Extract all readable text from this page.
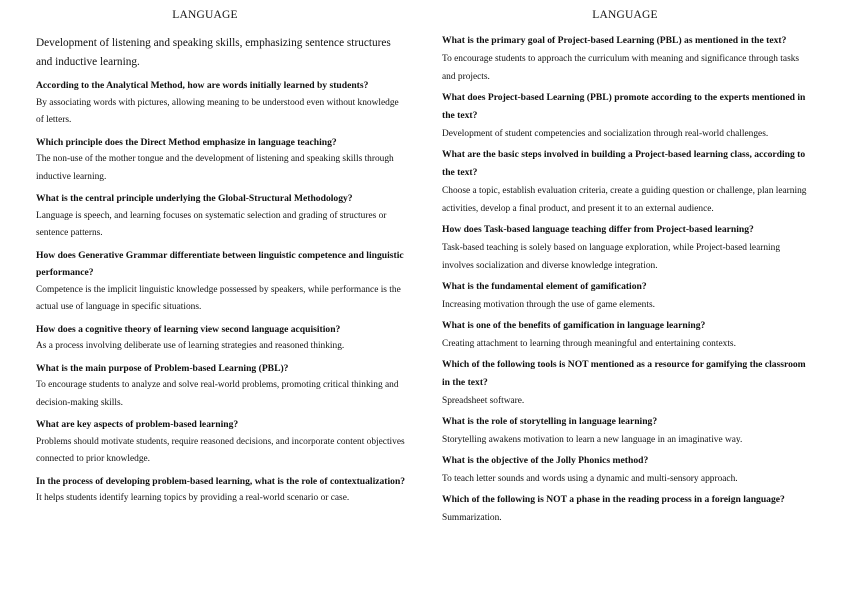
LANGUAGE
Development of listening and speaking skills, emphasizing sentence structures and inductive learning.
According to the Analytical Method, how are words initially learned by students?
By associating words with pictures, allowing meaning to be understood even without knowledge of letters.
Which principle does the Direct Method emphasize in language teaching?
The non-use of the mother tongue and the development of listening and speaking skills through inductive learning.
What is the central principle underlying the Global-Structural Methodology?
Language is speech, and learning focuses on systematic selection and grading of structures or sentence patterns.
How does Generative Grammar differentiate between linguistic competence and linguistic performance?
Competence is the implicit linguistic knowledge possessed by speakers, while performance is the actual use of language in specific situations.
How does a cognitive theory of learning view second language acquisition?
As a process involving deliberate use of learning strategies and reasoned thinking.
What is the main purpose of Problem-based Learning (PBL)?
To encourage students to analyze and solve real-world problems, promoting critical thinking and decision-making skills.
What are key aspects of problem-based learning?
Problems should motivate students, require reasoned decisions, and incorporate content objectives connected to prior knowledge.
In the process of developing problem-based learning, what is the role of contextualization?
It helps students identify learning topics by providing a real-world scenario or case.
LANGUAGE
What is the primary goal of Project-based Learning (PBL) as mentioned in the text?
To encourage students to approach the curriculum with meaning and significance through tasks and projects.
What does Project-based Learning (PBL) promote according to the experts mentioned in the text?
Development of student competencies and socialization through real-world challenges.
What are the basic steps involved in building a Project-based learning class, according to the text?
Choose a topic, establish evaluation criteria, create a guiding question or challenge, plan learning activities, develop a final product, and present it to an external audience.
How does Task-based language teaching differ from Project-based learning?
Task-based teaching is solely based on language exploration, while Project-based learning involves socialization and diverse knowledge integration.
What is the fundamental element of gamification?
Increasing motivation through the use of game elements.
What is one of the benefits of gamification in language learning?
Creating attachment to learning through meaningful and entertaining contexts.
Which of the following tools is NOT mentioned as a resource for gamifying the classroom in the text?
Spreadsheet software.
What is the role of storytelling in language learning?
Storytelling awakens motivation to learn a new language in an imaginative way.
What is the objective of the Jolly Phonics method?
To teach letter sounds and words using a dynamic and multi-sensory approach.
Which of the following is NOT a phase in the reading process in a foreign language?
Summarization.
